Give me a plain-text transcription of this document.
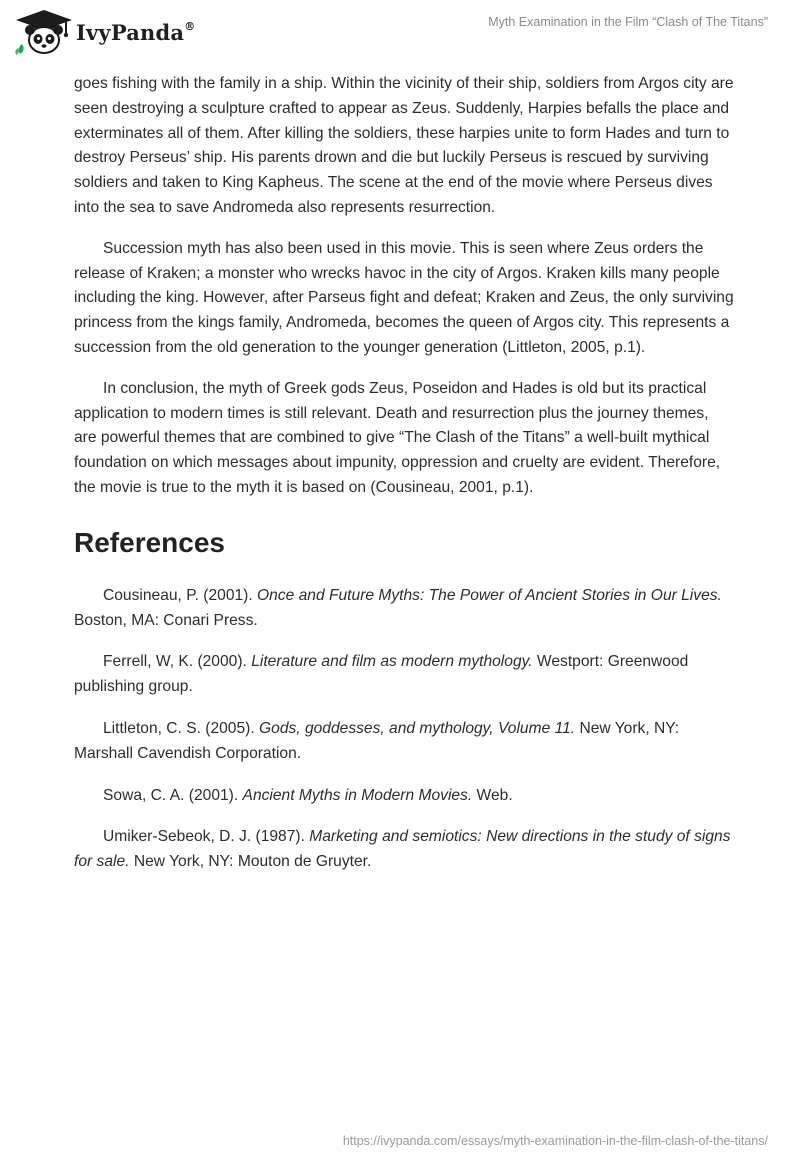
IvyPanda®	Myth Examination in the Film “Clash of The Titans”

goes fishing with the family in a ship. Within the vicinity of their ship, soldiers from Argos city are seen destroying a sculpture crafted to appear as Zeus. Suddenly, Harpies befalls the place and exterminates all of them. After killing the soldiers, these harpies unite to form Hades and turn to destroy Perseus’ ship. His parents drown and die but luckily Perseus is rescued by surviving soldiers and taken to King Kapheus. The scene at the end of the movie where Perseus dives into the sea to save Andromeda also represents resurrection.

Succession myth has also been used in this movie. This is seen where Zeus orders the release of Kraken; a monster who wrecks havoc in the city of Argos. Kraken kills many people including the king. However, after Parseus fight and defeat; Kraken and Zeus, the only surviving princess from the kings family, Andromeda, becomes the queen of Argos city. This represents a succession from the old generation to the younger generation (Littleton, 2005, p.1).

In conclusion, the myth of Greek gods Zeus, Poseidon and Hades is old but its practical application to modern times is still relevant. Death and resurrection plus the journey themes, are powerful themes that are combined to give “The Clash of the Titans” a well-built mythical foundation on which messages about impunity, oppression and cruelty are evident. Therefore, the movie is true to the myth it is based on (Cousineau, 2001, p.1).

References

Cousineau, P. (2001). Once and Future Myths: The Power of Ancient Stories in Our Lives. Boston, MA: Conari Press.

Ferrell, W, K. (2000). Literature and film as modern mythology. Westport: Greenwood publishing group.

Littleton, C. S. (2005). Gods, goddesses, and mythology, Volume 11. New York, NY: Marshall Cavendish Corporation.

Sowa, C. A. (2001). Ancient Myths in Modern Movies. Web.

Umiker-Sebeok, D. J. (1987). Marketing and semiotics: New directions in the study of signs for sale. New York, NY: Mouton de Gruyter.

https://ivypanda.com/essays/myth-examination-in-the-film-clash-of-the-titans/
